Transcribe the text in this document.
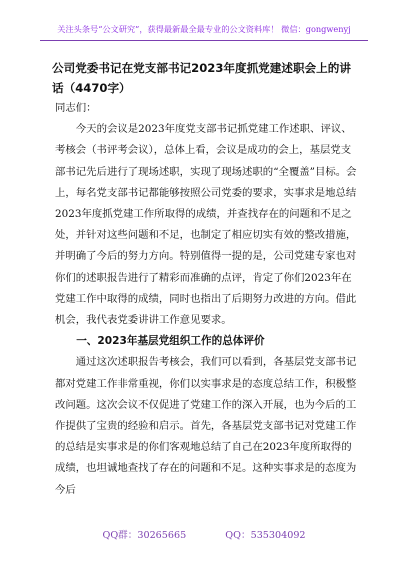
关注头条号“公文研究”，获得最新最全最专业的公文资料库！ 微信：gongwenyj
公司党委书记在党支部书记2023年度抓党建述职会上的讲话（4470字）

同志们：

今天的会议是2023年度党支部书记抓党建工作述职、评议、考核会（书评考会议），总体上看，会议是成功的会上，基层党支部书记先后进行了现场述职，实现了现场述职的“全覆盖”目标。会上，每名党支部书记都能够按照公司党委的要求，实事求是地总结2023年度抓党建工作所取得的成绩，并查找存在的问题和不足之处，并针对这些问题和不足，也制定了相应切实有效的整改措施，并明确了今后的努力方向。特别值得一提的是，公司党建专家也对你们的述职报告进行了精彩而准确的点评，肯定了你们2023年在党建工作中取得的成绩，同时也指出了后期努力改进的方向。借此机会，我代表党委讲讲工作意见要求。

一、2023年基层党组织工作的总体评价

通过这次述职报告考核会，我们可以看到，各基层党支部书记都对党建工作非常重视，你们以实事求是的态度总结工作，积极整改问题。这次会议不仅促进了党建工作的深入开展，也为今后的工作提供了宝贵的经验和启示。首先，各基层党支部书记对党建工作的总结是实事求是的你们客观地总结了自己在2023年度所取得的成绩，也坦诚地查找了存在的问题和不足。这种实事求是的态度为今后

QQ群：30265665	QQ：535304092
